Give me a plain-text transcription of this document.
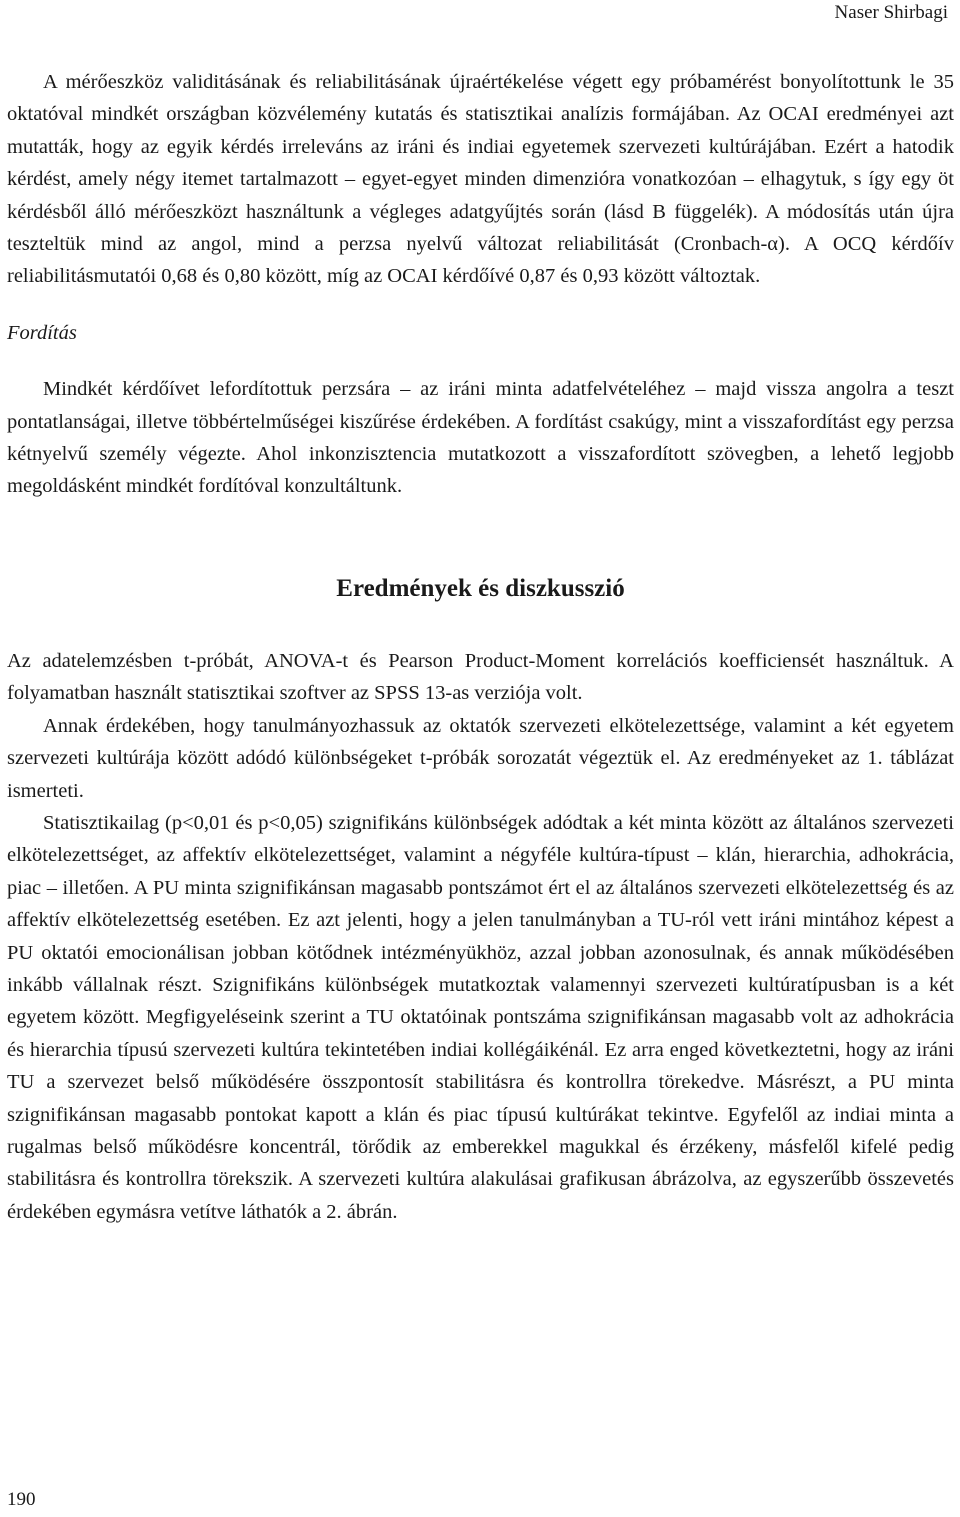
Naser Shirbagi

A mérőeszköz validitásának és reliabilitásának újraértékelése végett egy próbamérést bonyolítottunk le 35 oktatóval mindkét országban közvélemény kutatás és statisztikai analízis formájában. Az OCAI eredményei azt mutatták, hogy az egyik kérdés irreleváns az iráni és indiai egyetemek szervezeti kultúrájában. Ezért a hatodik kérdést, amely négy itemet tartalmazott – egyet-egyet minden dimenzióra vonatkozóan – elhagytuk, s így egy öt kérdésből álló mérőeszközt használtunk a végleges adatgyűjtés során (lásd B függelék). A módosítás után újra teszteltük mind az angol, mind a perzsa nyelvű változat reliabilitását (Cronbach-α). A OCQ kérdőív reliabilitásmutatói 0,68 és 0,80 között, míg az OCAI kérdőívé 0,87 és 0,93 között változtak.

Fordítás

Mindkét kérdőívet lefordítottuk perzsára – az iráni minta adatfelvételéhez – majd vissza angolra a teszt pontatlanságai, illetve többértelműségei kiszűrése érdekében. A fordítást csakúgy, mint a visszafordítást egy perzsa kétnyelvű személy végezte. Ahol inkonzisztencia mutatkozott a visszafordított szövegben, a lehető legjobb megoldásként mindkét fordítóval konzultáltunk.

Eredmények és diszkusszió

Az adatelemzésben t-próbát, ANOVA-t és Pearson Product-Moment korrelációs koefficiensét használtuk. A folyamatban használt statisztikai szoftver az SPSS 13-as verziója volt.

Annak érdekében, hogy tanulmányozhassuk az oktatók szervezeti elkötelezettsége, valamint a két egyetem szervezeti kultúrája között adódó különbségeket t-próbák sorozatát végeztük el. Az eredményeket az 1. táblázat ismerteti.

Statisztikailag (p<0,01 és p<0,05) szignifikáns különbségek adódtak a két minta között az általános szervezeti elkötelezettséget, az affektív elkötelezettséget, valamint a négyféle kultúra-típust – klán, hierarchia, adhokrácia, piac – illetően. A PU minta szignifikánsan magasabb pontszámot ért el az általános szervezeti elkötelezettség és az affektív elkötelezettség esetében. Ez azt jelenti, hogy a jelen tanulmányban a TU-ról vett iráni mintához képest a PU oktatói emocionálisan jobban kötődnek intézményükhöz, azzal jobban azonosulnak, és annak működésében inkább vállalnak részt. Szignifikáns különbségek mutatkoztak valamennyi szervezeti kultúratípusban is a két egyetem között. Megfigyeléseink szerint a TU oktatóinak pontszáma szignifikánsan magasabb volt az adhokrácia és hierarchia típusú szervezeti kultúra tekintetében indiai kollégáikénál. Ez arra enged következtetni, hogy az iráni TU a szervezet belső működésére összpontosít stabilitásra és kontrollra törekedve. Másrészt, a PU minta szignifikánsan magasabb pontokat kapott a klán és piac típusú kultúrákat tekintve. Egyfelől az indiai minta a rugalmas belső működésre koncentrál, törődik az emberekkel magukkal és érzékeny, másfelől kifelé pedig stabilitásra és kontrollra törekszik. A szervezeti kultúra alakulásai grafikusan ábrázolva, az egyszerűbb összevetés érdekében egymásra vetítve láthatók a 2. ábrán.

190
